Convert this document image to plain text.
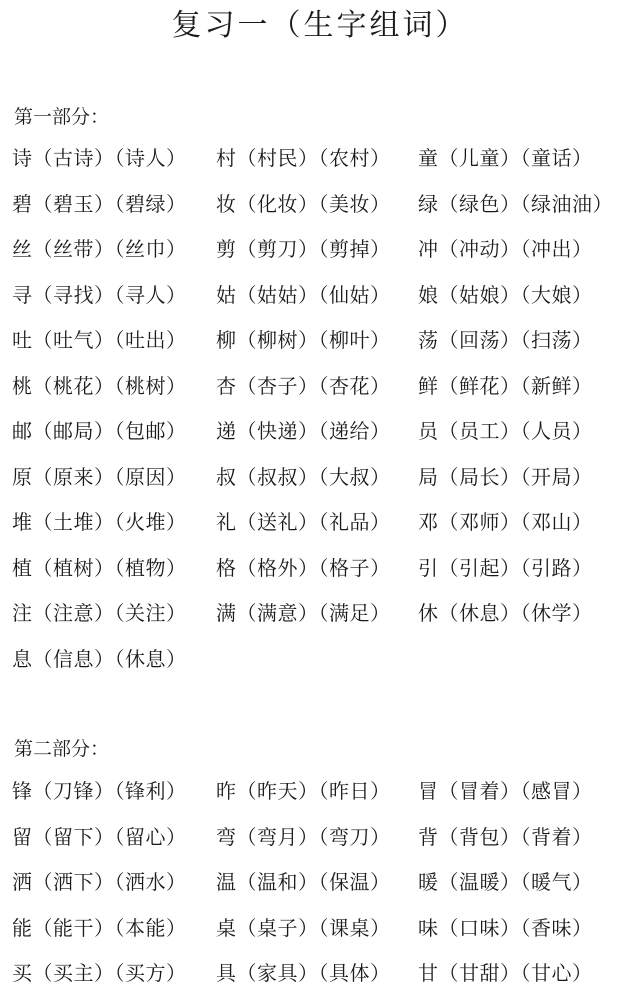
复习一（生字组词）
第一部分：
诗（古诗）（诗人） 村（村民）（农村） 童（儿童）（童话）
碧（碧玉）（碧绿） 妆（化妆）（美妆） 绿（绿色）（绿油油）
丝（丝带）（丝巾） 剪（剪刀）（剪掉） 冲（冲动）（冲出）
寻（寻找）（寻人） 姑（姑姑）（仙姑） 娘（姑娘）（大娘）
吐（吐气）（吐出） 柳（柳树）（柳叶） 荡（回荡）（扫荡）
桃（桃花）（桃树） 杏（杏子）（杏花） 鲜（鲜花）（新鲜）
邮（邮局）（包邮） 递（快递）（递给） 员（员工）（人员）
原（原来）（原因） 叔（叔叔）（大叔） 局（局长）（开局）
堆（土堆）（火堆） 礼（送礼）（礼品） 邓（邓师）（邓山）
植（植树）（植物） 格（格外）（格子） 引（引起）（引路）
注（注意）（关注） 满（满意）（满足） 休（休息）（休学）
息（信息）（休息）
第二部分：
锋（刀锋）（锋利） 昨（昨天）（昨日） 冒（冒着）（感冒）
留（留下）（留心） 弯（弯月）（弯刀） 背（背包）（背着）
洒（洒下）（洒水） 温（温和）（保温） 暖（温暖）（暖气）
能（能干）（本能） 桌（桌子）（课桌） 味（口味）（香味）
买（买主）（买方） 具（家具）（具体） 甘（甘甜）（甘心）
